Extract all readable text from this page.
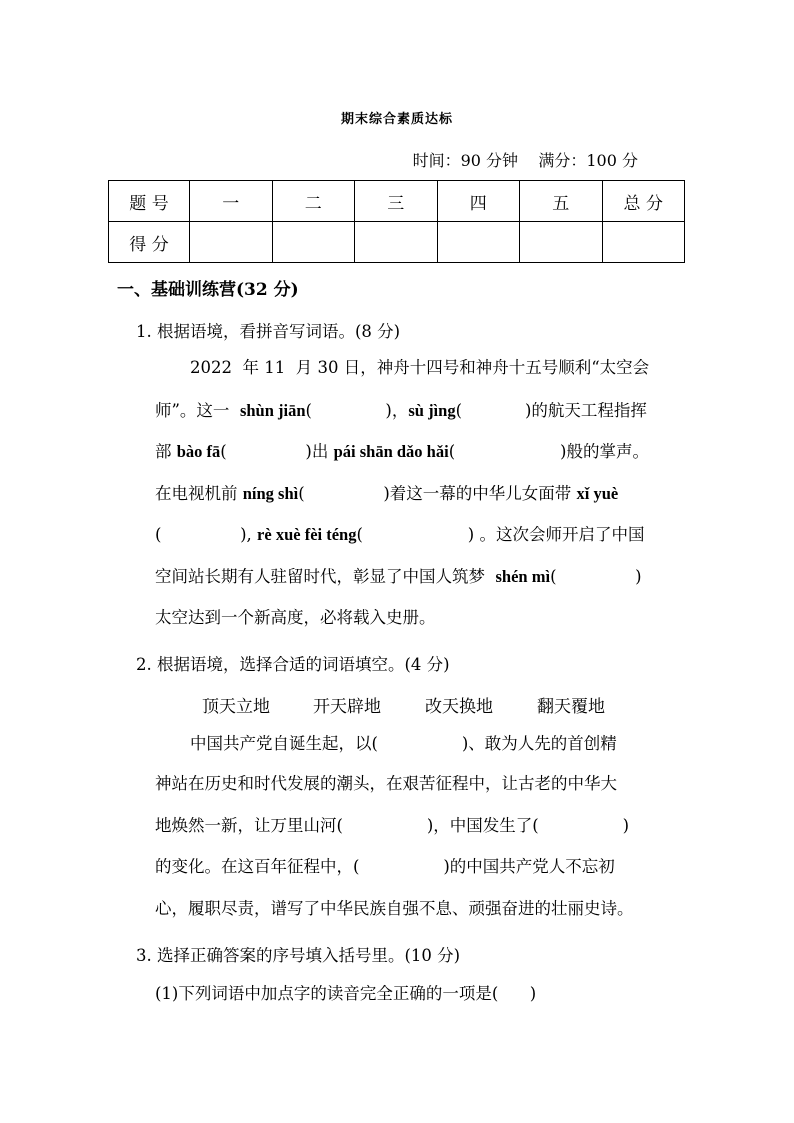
期末综合素质达标
时间：90 分钟    满分：100 分
题 号	一	二	三	四	五	总 分
得 分						
一、基础训练营(32 分)
1. 根据语境，看拼音写词语。(8 分)
2022  年 11  月 30 日，神舟十四号和神舟十五号顺利“太空会
师”。这一  shùn jiān(              )，sù jìng(            )的航天工程指挥
部 bào fā(               )出 pái shān dǎo hǎi(                    )般的掌声。
在电视机前 níng shì(               )着这一幕的中华儿女面带 xǐ yuè
(               ), rè xuè fèi téng(                    ) 。这次会师开启了中国
空间站长期有人驻留时代，彰显了中国人筑梦  shén mì(               )
太空达到一个新高度，必将载入史册。
2. 根据语境，选择合适的词语填空。(4 分)
顶天立地	开天辟地	改天换地	翻天覆地
中国共产党自诞生起，以(                )、敢为人先的首创精
神站在历史和时代发展的潮头，在艰苦征程中，让古老的中华大
地焕然一新，让万里山河(                )，中国发生了(                )
的变化。在这百年征程中，(                )的中国共产党人不忘初
心，履职尽责，谱写了中华民族自强不息、顽强奋进的壮丽史诗。
3. 选择正确答案的序号填入括号里。(10 分)
(1)下列词语中加点字的读音完全正确的一项是(      )
